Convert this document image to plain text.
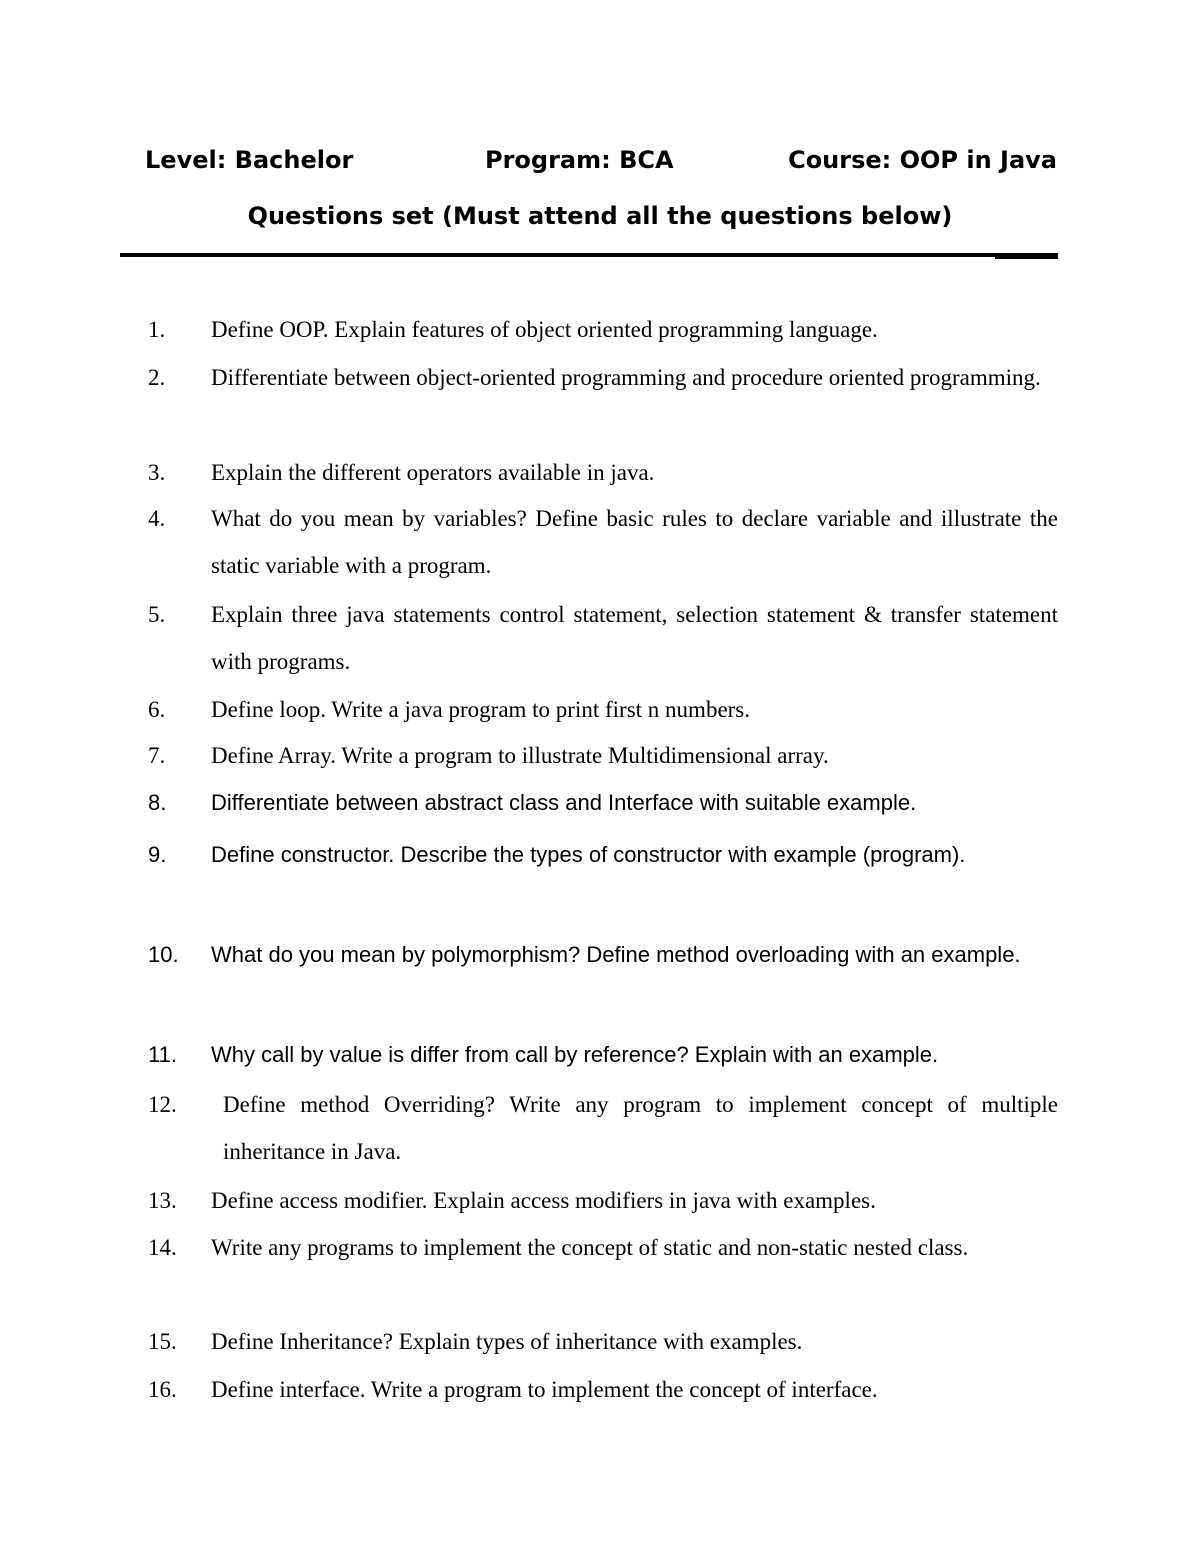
Level: Bachelor	Program: BCA	Course: OOP in Java
Questions set (Must attend all the questions below)
1.	Define OOP. Explain features of object oriented programming language.
2.	Differentiate between object-oriented programming and procedure oriented programming.
3.	Explain the different operators available in java.
4.	What do you mean by variables? Define basic rules to declare variable and illustrate the static variable with a program.
5.	Explain three java statements control statement, selection statement & transfer statement with programs.
6.	Define loop. Write a java program to print first n numbers.
7.	Define Array. Write a program to illustrate Multidimensional array.
8.	Differentiate between abstract class and Interface with suitable example.
9.	Define constructor. Describe the types of constructor with example (program).
10.	What do you mean by polymorphism? Define method overloading with an example.
11.	Why call by value is differ from call by reference? Explain with an example.
12.	Define method Overriding? Write any program to implement concept of multiple inheritance in Java.
13.	Define access modifier. Explain access modifiers in java with examples.
14.	Write any programs to implement the concept of static and non-static nested class.
15.	Define Inheritance? Explain types of inheritance with examples.
16.	Define interface. Write a program to implement the concept of interface.
